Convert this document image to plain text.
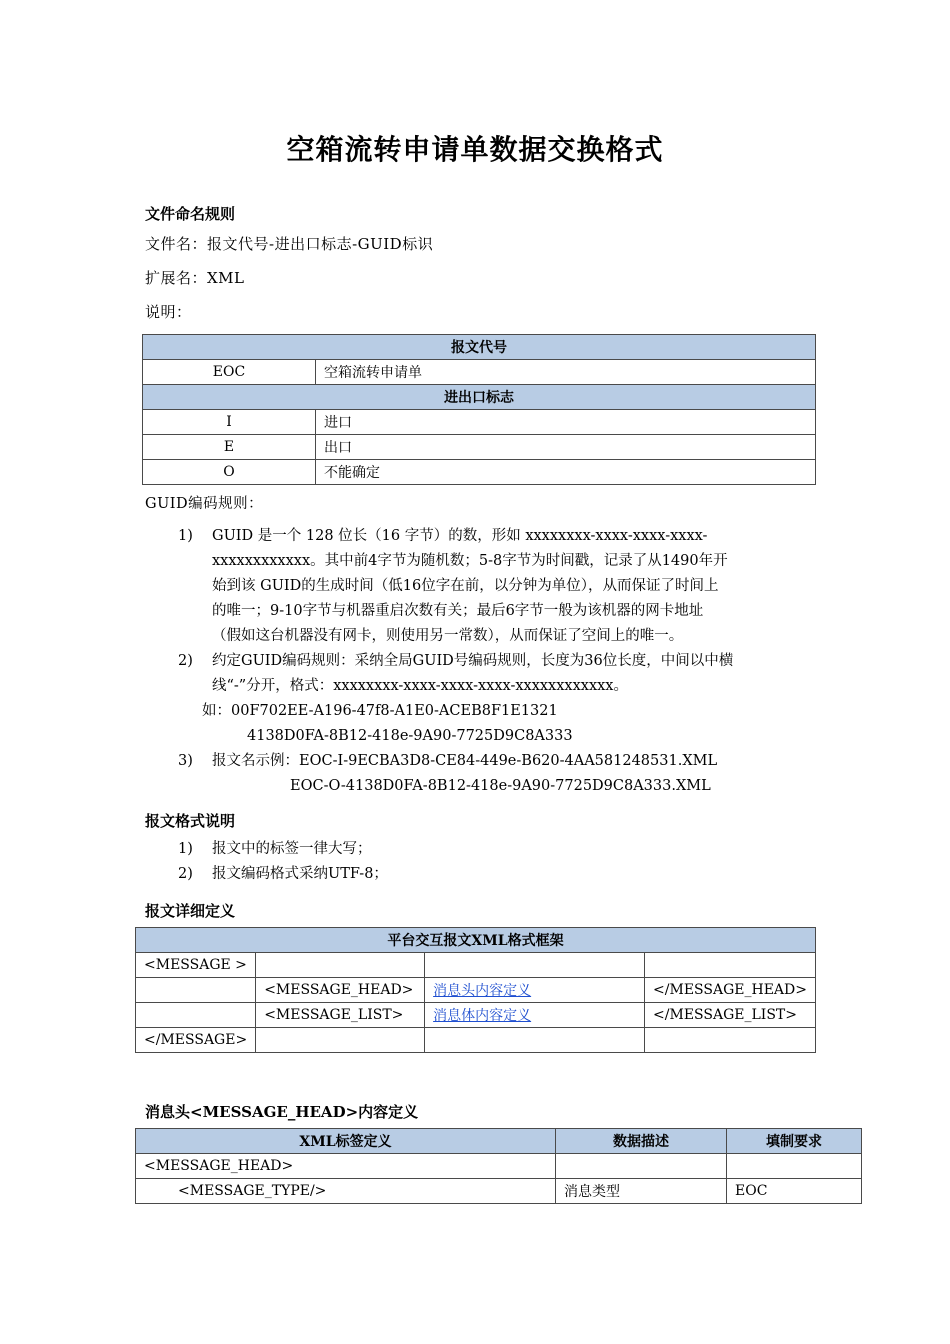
空箱流转申请单数据交换格式
文件命名规则
文件名：报文代号-进出口标志-GUID标识
扩展名：XML
说明：
报文代号	
EOC	空箱流转申请单
进出口标志	
I	进口
E	出口
O	不能确定
GUID编码规则：
1) GUID 是一个 128 位长（16 字节）的数，形如 xxxxxxxx-xxxx-xxxx-xxxx-
xxxxxxxxxxxx。其中前4字节为随机数；5-8字节为时间戳，记录了从1490年开
始到该 GUID的生成时间（低16位字在前，以分钟为单位），从而保证了时间上
的唯一；9-10字节与机器重启次数有关；最后6字节一般为该机器的网卡地址
（假如这台机器没有网卡，则使用另一常数），从而保证了空间上的唯一。
2) 约定GUID编码规则：采纳全局GUID号编码规则，长度为36位长度，中间以中横
线“-”分开，格式：xxxxxxxx-xxxx-xxxx-xxxx-xxxxxxxxxxxx。
如：00F702EE-A196-47f8-A1E0-ACEB8F1E1321
4138D0FA-8B12-418e-9A90-7725D9C8A333
3) 报文名示例：EOC-I-9ECBA3D8-CE84-449e-B620-4AA581248531.XML
EOC-O-4138D0FA-8B12-418e-9A90-7725D9C8A333.XML
报文格式说明
1) 报文中的标签一律大写；
2) 报文编码格式采纳UTF-8；
报文详细定义
平台交互报文XML格式框架			
<MESSAGE >			
	<MESSAGE_HEAD>	消息头内容定义	</MESSAGE_HEAD>
	<MESSAGE_LIST>	消息体内容定义	</MESSAGE_LIST>
</MESSAGE>			
消息头<MESSAGE_HEAD>内容定义
XML标签定义	数据描述	填制要求
<MESSAGE_HEAD>		
<MESSAGE_TYPE/>	消息类型	EOC
